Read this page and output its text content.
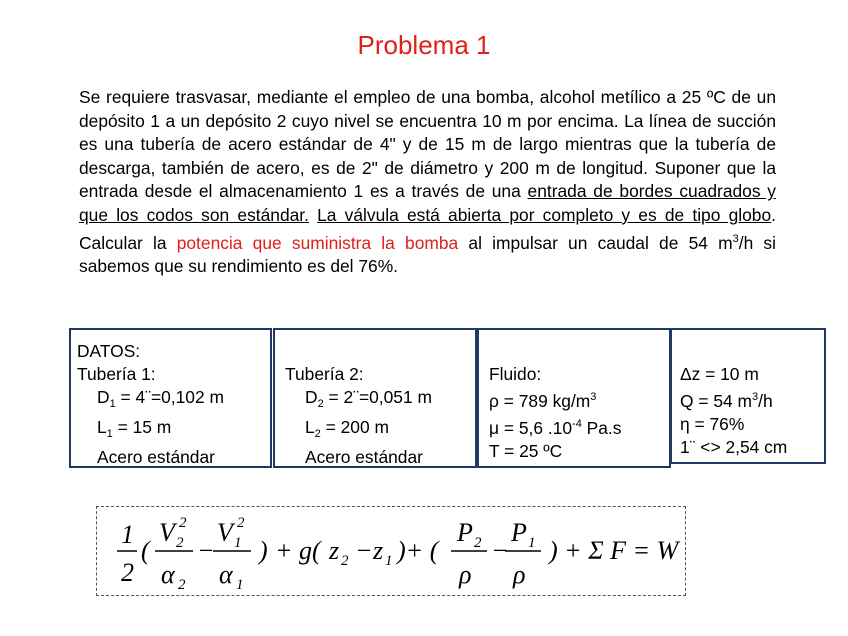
Problema 1
Se requiere trasvasar, mediante el empleo de una bomba, alcohol metílico a 25 ºC de un depósito 1 a un depósito 2 cuyo nivel se encuentra 10 m por encima. La línea de succión es una tubería de acero estándar de 4" y de 15 m de largo mientras que la tubería de descarga, también de acero, es de 2" de diámetro y 200 m de longitud. Suponer que la entrada desde el almacenamiento 1 es a través de una entrada de bordes cuadrados y que los codos son estándar. La válvula está abierta por completo y es de tipo globo. Calcular la potencia que suministra la bomba al impulsar un caudal de 54 $m^3/h$ si sabemos que su rendimiento es del 76%.
DATOS:
Tubería 1:
$D_1$ = 4¨=0,102 m
$L_1 = 15$ m
Acero estándar
Tubería 2:
$D_2$ = 2¨=0,051 m
$L_2 = 200$ m
Acero estándar
Fluido:
ρ = 789 $kg/m^3$
μ = 5,6 $.10^{-4}$ Pa.s
T = 25 ºC
Δz = 10 m
Q = 54 $m^3/h$
η = 76%
1¨ <> 2,54 cm
1
2
(
V 2
2
α 2
−
V 1
2
α 1
) + g( z 2 − z 1 )+ (
P 2
ρ
−
P 1
ρ
) + Σ F = W
